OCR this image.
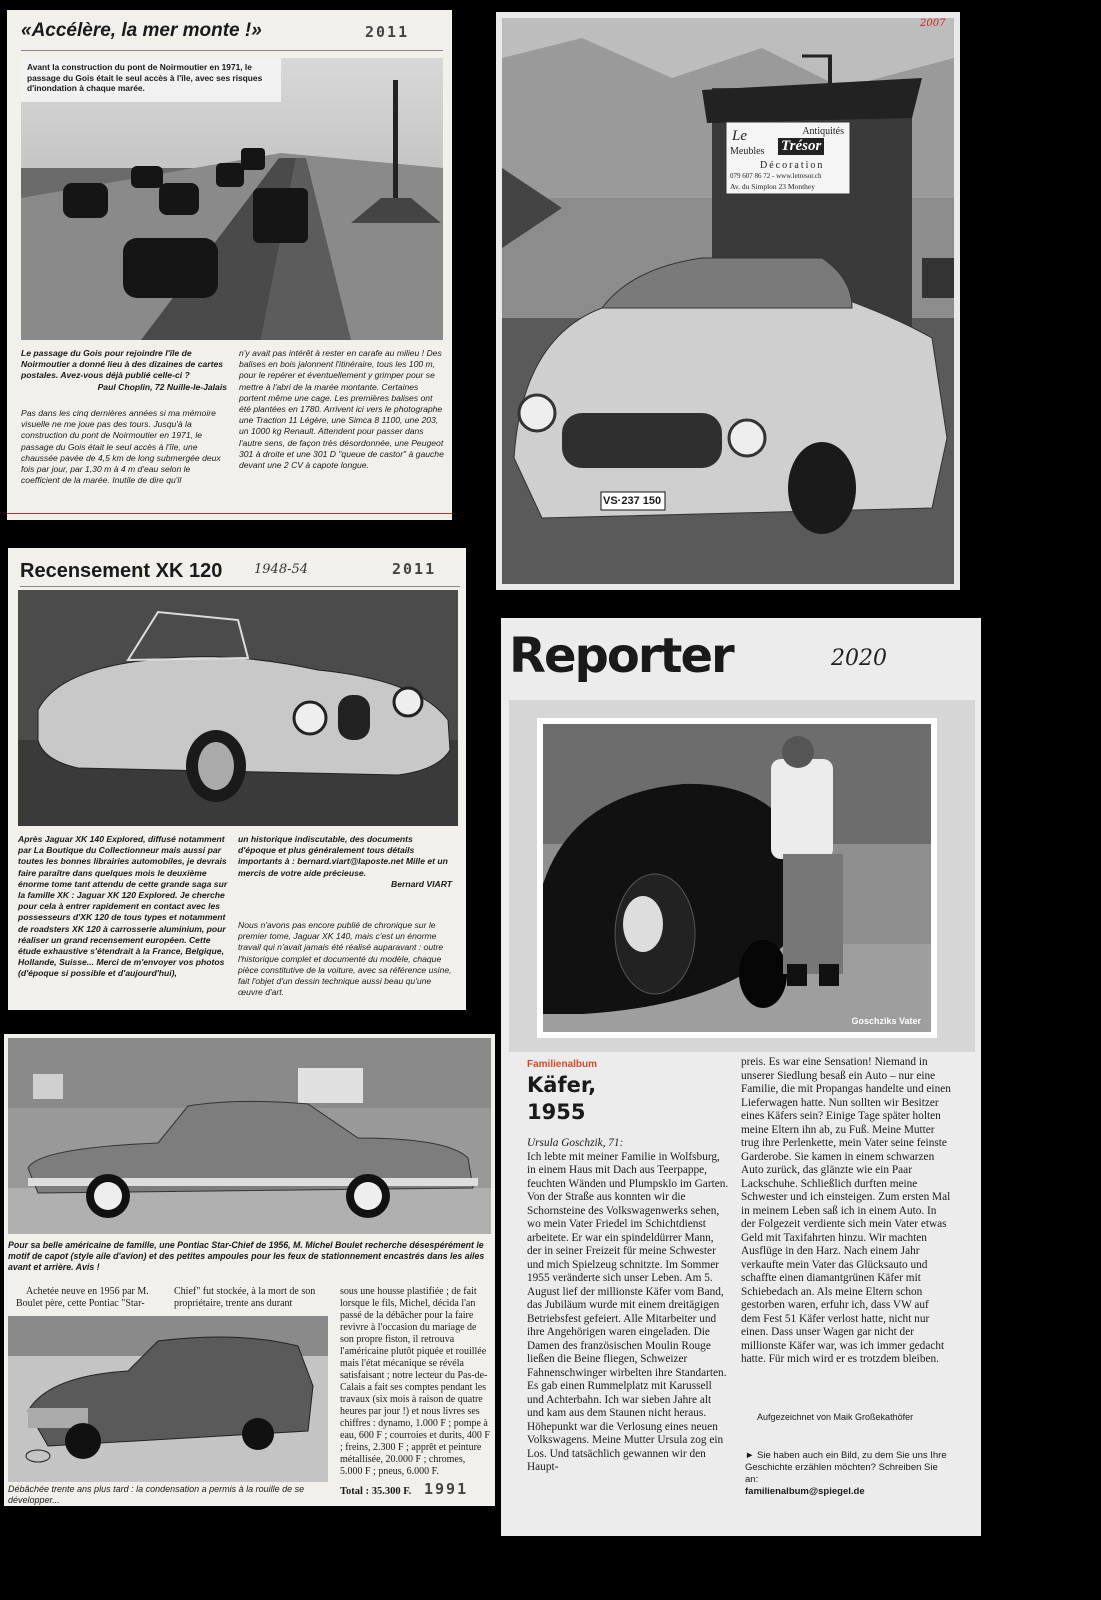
«Accélère, la mer monte !»	2011
Avant la construction du pont de Noirmoutier en 1971, le passage du Gois était le seul accès à l'île, avec ses risques d'inondation à chaque marée.

Le passage du Gois pour rejoindre l'île de Noirmoutier a donné lieu à des dizaines de cartes postales. Avez-vous déjà publié celle-ci ?

Paul Choplin, 72 Nuille-le-Jalais

Pas dans les cinq dernières années si ma mémoire visuelle ne me joue pas des tours. Jusqu'à la construction du pont de Noirmoutier en 1971, le passage du Gois était le seul accès à l'île, une chaussée pavée de 4,5 km de long submergée deux fois par jour, par 1,30 m à 4 m d'eau selon le coefficient de la marée. Inutile de dire qu'il
n'y avait pas intérêt à rester en carafe au milieu ! Des balises en bois jalonnent l'itinéraire, tous les 100 m, pour le repérer et éventuellement y grimper pour se mettre à l'abri de la marée montante. Certaines portent même une cage. Les premières balises ont été plantées en 1780. Arrivent ici vers le photographe une Traction 11 Légère, une Simca 8 1100, une 203, un 1000 kg Renault. Attendent pour passer dans l'autre sens, de façon très désordonnée, une Peugeot 301 à droite et une 301 D "queue de castor" à gauche devant une 2 CV à capote longue.
Antiquités
Le
Trésor
Meubles
Décoration
079 607 86 72 - www.letresor.ch
Av. du Simplon 23 Monthey
VS·237 150
2007
Recensement XK 120 1948-54	2011
Après Jaguar XK 140 Explored, diffusé notamment par La Boutique du Collectionneur mais aussi par toutes les bonnes librairies automobiles, je devrais faire paraître dans quelques mois le deuxième énorme tome tant attendu de cette grande saga sur la famille XK : Jaguar XK 120 Explored. Je cherche pour cela à entrer rapidement en contact avec les possesseurs d'XK 120 de tous types et notamment de roadsters XK 120 à carrosserie aluminium, pour réaliser un grand recensement européen. Cette étude exhaustive s'étendrait à la France, Belgique, Hollande, Suisse... Merci de m'envoyer vos photos (d'époque si possible et d'aujourd'hui),

un historique indiscutable, des documents d'époque et plus généralement tous détails importants à : bernard.viart@laposte.net Mille et un mercis de votre aide précieuse.

Bernard VIART

Nous n'avons pas encore publié de chronique sur le premier tome, Jaguar XK 140, mais c'est un énorme travail qui n'avait jamais été réalisé auparavant : outre l'historique complet et documenté du modèle, chaque pièce constitutive de la voiture, avec sa référence usine, fait l'objet d'un dessin technique aussi beau qu'une œuvre d'art.
Reporter	2020
Goschziks Vater
Familienalbum
Käfer,
1955

Ursula Goschzik, 71:

Ich lebte mit meiner Familie in Wolfsburg, in einem Haus mit Dach aus Teerpappe, feuchten Wänden und Plumpsklo im Garten. Von der Straße aus konnten wir die Schornsteine des Volkswagenwerks sehen, wo mein Vater Friedel im Schichtdienst arbeitete. Er war ein spindeldürrer Mann, der in seiner Freizeit für meine Schwester und mich Spielzeug schnitzte. Im Sommer 1955 veränderte sich unser Leben. Am 5. August lief der millionste Käfer vom Band, das Jubiläum wurde mit einem dreitägigen Betriebsfest gefeiert. Alle Mitarbeiter und ihre Angehörigen waren eingeladen. Die Damen des französischen Moulin Rouge ließen die Beine fliegen, Schweizer Fahnenschwinger wirbelten ihre Standarten. Es gab einen Rummelplatz mit Karussell und Achterbahn. Ich war sieben Jahre alt und kam aus dem Staunen nicht heraus. Höhepunkt war die Verlosung eines neuen Volkswagens. Meine Mutter Ursula zog ein Los. Und tatsächlich gewannen wir den Haupt-

preis. Es war eine Sensation! Niemand in unserer Siedlung besaß ein Auto – nur eine Familie, die mit Propangas handelte und einen Lieferwagen hatte. Nun sollten wir Besitzer eines Käfers sein? Einige Tage später holten meine Eltern ihn ab, zu Fuß. Meine Mutter trug ihre Perlenkette, mein Vater seine feinste Garderobe. Sie kamen in einem schwarzen Auto zurück, das glänzte wie ein Paar Lackschuhe. Schließlich durften meine Schwester und ich einsteigen. Zum ersten Mal in meinem Leben saß ich in einem Auto. In der Folgezeit verdiente sich mein Vater etwas Geld mit Taxifahrten hinzu. Wir machten Ausflüge in den Harz. Nach einem Jahr verkaufte mein Vater das Glücksauto und schaffte einen diamantgrünen Käfer mit Schiebedach an. Als meine Eltern schon gestorben waren, erfuhr ich, dass VW auf dem Fest 51 Käfer verlost hatte, nicht nur einen. Dass unser Wagen gar nicht der millionste Käfer war, was ich immer gedacht hatte. Für mich wird er es trotzdem bleiben.
Aufgezeichnet von Maik Großekathöfer

► Sie haben auch ein Bild, zu dem Sie uns Ihre Geschichte erzählen möchten? Schreiben Sie an:

familienalbum@spiegel.de

Pour sa belle américaine de famille, une Pontiac Star-Chief de 1956, M. Michel Boulet recherche désespérément le motif de capot (style aile d'avion) et des petites ampoules pour les feux de stationnement encastrés dans les ailes avant et arrière. Avis !
Achetée neuve en 1956 par M. Boulet père, cette Pontiac "Star-
Chief" fut stockée, à la mort de son propriétaire, trente ans durant
sous une housse plastifiée ; de fait lorsque le fils, Michel, décida l'an passé de la débâcher pour la faire revivre à l'occasion du mariage de son propre fiston, il retrouva l'américaine plutôt piquée et rouillée mais l'état mécanique se révéla satisfaisant ; notre lecteur du Pas-de-Calais a fait ses comptes pendant les travaux (six mois à raison de quatre heures par jour !) et nous livres ses chiffres : dynamo, 1.000 F ; pompe à eau, 600 F ; courroies et durits, 400 F ; freins, 2.300 F ; apprêt et peinture métallisée, 20.000 F ; chromes, 5.000 F ; pneus, 6.000 F.
Débâchée trente ans plus tard : la condensation a permis à la rouille de se développer...
Total : 35.300 F. 1991
